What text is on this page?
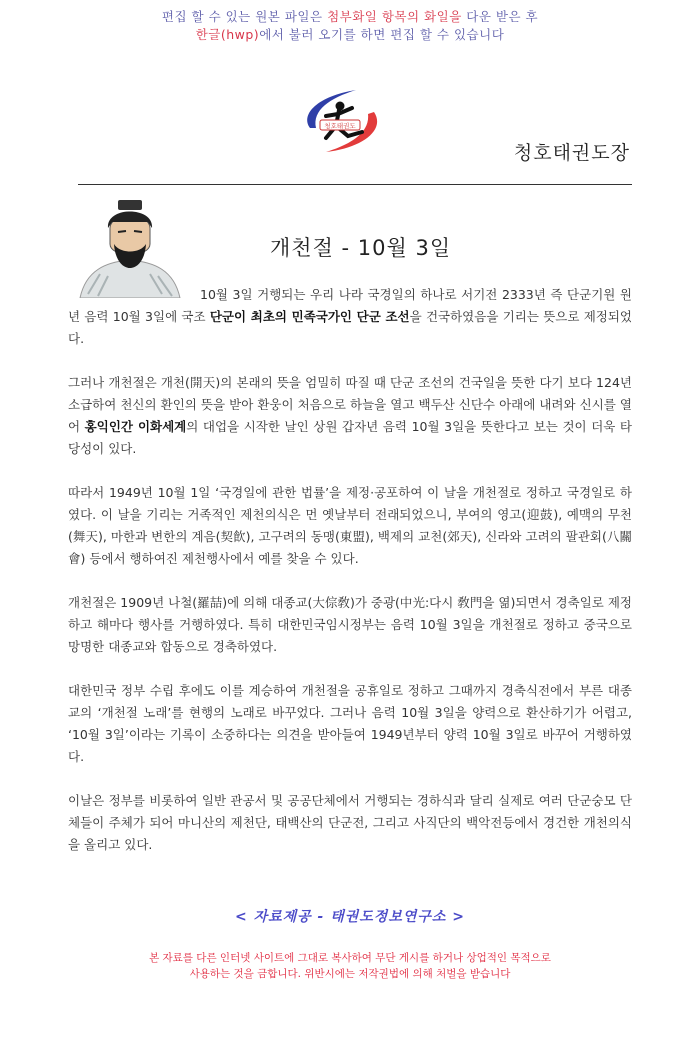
편집 할 수 있는 원본 파일은 첨부화일 항목의 화일을 다운 받은 후
한글(hwp)에서 불러 오기를 하면 편집 할 수 있습니다
청호태권도
청호태권도장
개천절 - 10월 3일

10월 3일 거행되는 우리 나라 국경일의 하나로 서기전 2333년 즉 단군기원 원년 음력 10월 3일에 국조 단군이 최초의 민족국가인 단군 조선을 건국하였음을 기리는 뜻으로 제정되었다.

그러나 개천절은 개천(開天)의 본래의 뜻을 엄밀히 따질 때 단군 조선의 건국일을 뜻한 다기 보다 124년 소급하여 천신의 환인의 뜻을 받아 환웅이 처음으로 하늘을 열고 백두산 신단수 아래에 내려와 신시를 열어 홍익인간 이화세계의 대업을 시작한 날인 상원 갑자년 음력 10월 3일을 뜻한다고 보는 것이 더욱 타당성이 있다.

따라서 1949년 10월 1일 ‘국경일에 관한 법률’을 제정·공포하여 이 날을 개천절로 정하고 국경일로 하였다. 이 날을 기리는 거족적인 제천의식은 먼 옛날부터 전래되었으니, 부여의 영고(迎鼓), 예맥의 무천(舞天), 마한과 변한의 계음(契飮), 고구려의 동맹(東盟), 백제의 교천(郊天), 신라와 고려의 팔관회(八關會) 등에서 행하여진 제천행사에서 예를 찾을 수 있다.

개천절은 1909년 나철(羅喆)에 의해 대종교(大倧敎)가 중광(中光:다시 敎門을 엶)되면서 경축일로 제정하고 해마다 행사를 거행하였다. 특히 대한민국임시정부는 음력 10월 3일을 개천절로 정하고 중국으로 망명한 대종교와 합동으로 경축하였다.

대한민국 정부 수립 후에도 이를 계승하여 개천절을 공휴일로 정하고 그때까지 경축식전에서 부른 대종교의 ‘개천절 노래’를 현행의 노래로 바꾸었다. 그러나 음력 10월 3일을 양력으로 환산하기가 어렵고, ‘10월 3일’이라는 기록이 소중하다는 의견을 받아들여 1949년부터 양력 10월 3일로 바꾸어 거행하였다.

이날은 정부를 비롯하여 일반 관공서 및 공공단체에서 거행되는 경하식과 달리 실제로 여러 단군숭모 단체들이 주체가 되어 마니산의 제천단, 태백산의 단군전, 그리고 사직단의 백악전등에서 경건한 개천의식을 올리고 있다.

< 자료제공 - 태권도정보연구소 >
본 자료를 다른 인터넷 사이트에 그대로 복사하여 무단 게시를 하거나 상업적인 목적으로
사용하는 것을 금합니다. 위반시에는 저작권법에 의해 처벌을 받습니다
